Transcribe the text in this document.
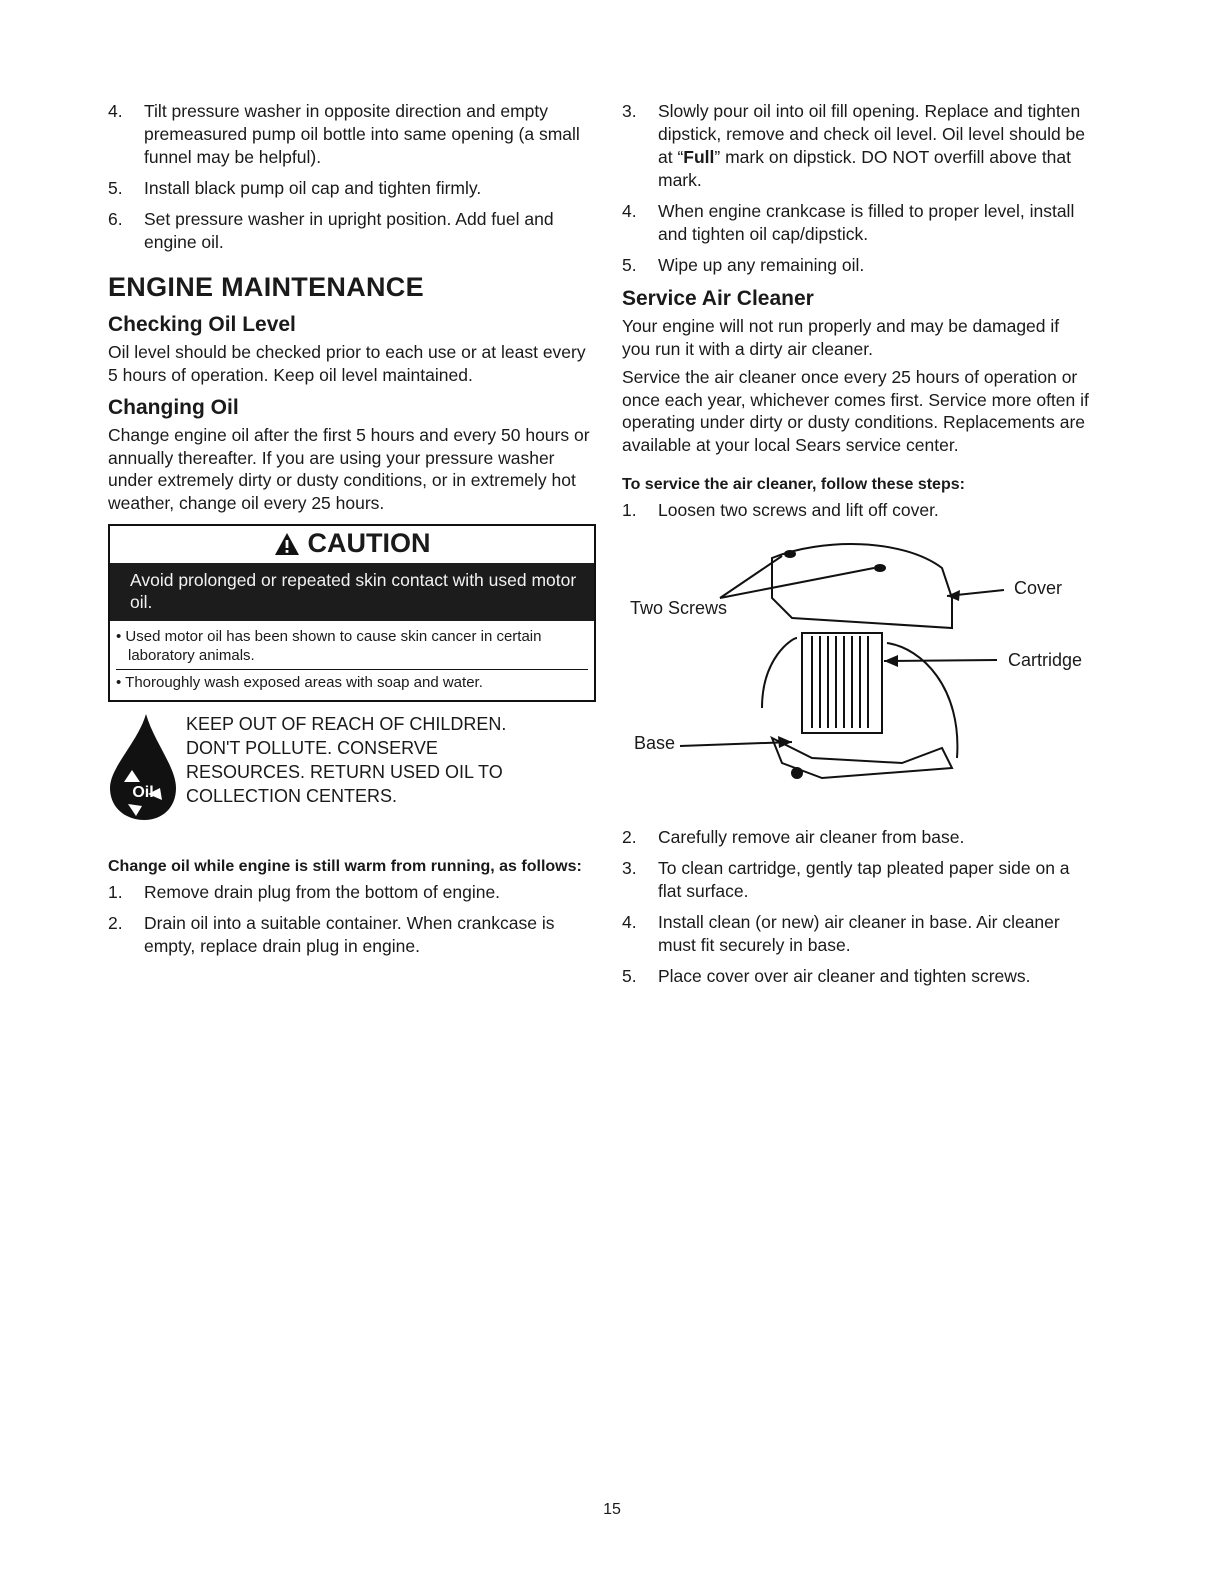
4. Tilt pressure washer in opposite direction and empty premeasured pump oil bottle into same opening (a small funnel may be helpful).
5. Install black pump oil cap and tighten firmly.
6. Set pressure washer in upright position. Add fuel and engine oil.
ENGINE MAINTENANCE
Checking Oil Level

Oil level should be checked prior to each use or at least every 5 hours of operation. Keep oil level maintained.

Changing Oil

Change engine oil after the first 5 hours and every 50 hours or annually thereafter. If you are using your pressure washer under extremely dirty or dusty conditions, or in extremely hot weather, change oil every 25 hours.

CAUTION
Avoid prolonged or repeated skin contact with used motor oil.
• Used motor oil has been shown to cause skin cancer in certain laboratory animals.
• Thoroughly wash exposed areas with soap and water.
Oil
KEEP OUT OF REACH OF CHILDREN.
DON'T POLLUTE. CONSERVE
RESOURCES. RETURN USED OIL TO
COLLECTION CENTERS.
Change oil while engine is still warm from running, as follows:
1. Remove drain plug from the bottom of engine.
2. Drain oil into a suitable container. When crankcase is empty, replace drain plug in engine.
3. Slowly pour oil into oil fill opening. Replace and tighten dipstick, remove and check oil level. Oil level should be at “Full” mark on dipstick. DO NOT overfill above that mark.
4. When engine crankcase is filled to proper level, install and tighten oil cap/dipstick.
5. Wipe up any remaining oil.
Service Air Cleaner

Your engine will not run properly and may be damaged if you run it with a dirty air cleaner.

Service the air cleaner once every 25 hours of operation or once each year, whichever comes first. Service more often if operating under dirty or dusty conditions. Replacements are available at your local Sears service center.

To service the air cleaner, follow these steps:
1. Loosen two screws and lift off cover.
Cover
Two Screws
Cartridge
Base
2. Carefully remove air cleaner from base.
3. To clean cartridge, gently tap pleated paper side on a flat surface.
4. Install clean (or new) air cleaner in base. Air cleaner must fit securely in base.
5. Place cover over air cleaner and tighten screws.
15
